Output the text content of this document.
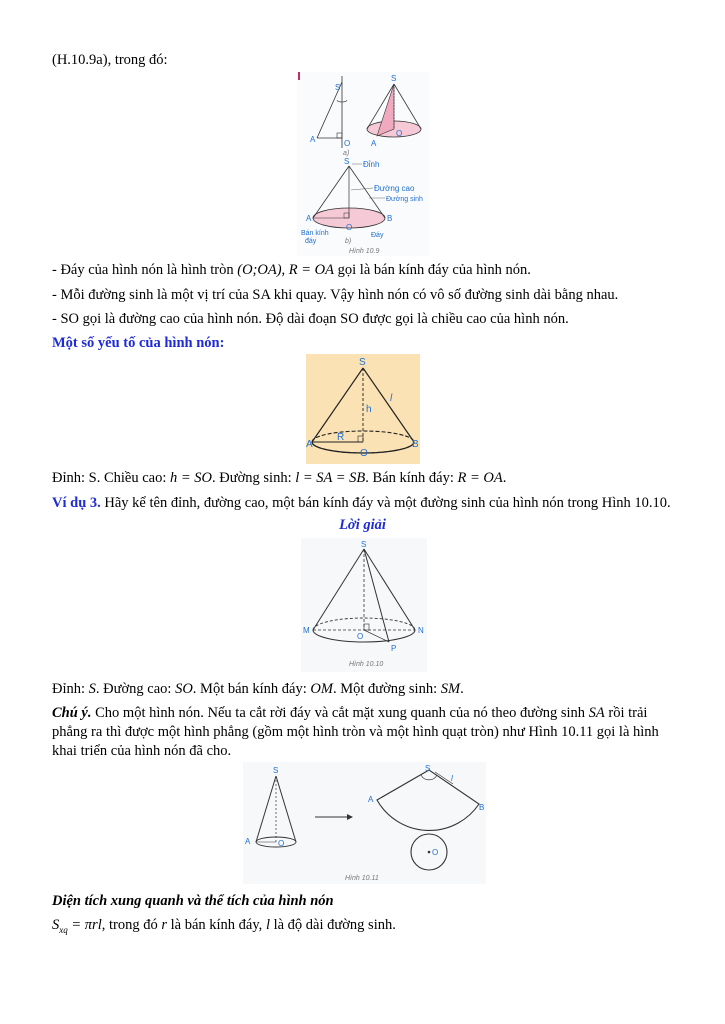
(H.10.9a), trong đó:
S
A	O
S
O
A
a)
S Đỉnh
Đường cao
Đường sinh
A	B
O
Bán kính
đáy
Đáy
b)
Hình 10.9
- Đáy của hình nón là hình tròn (O;OA), R = OA gọi là bán kính đáy của hình nón.
- Mỗi đường sinh là một vị trí của SA khi quay. Vậy hình nón có vô số đường sinh dài bằng nhau.
- SO gọi là đường cao của hình nón. Độ dài đoạn SO được gọi là chiều cao của hình nón.
Một số yếu tố của hình nón:
S
A	B
O
R
h
l
Đỉnh: S. Chiều cao: h = SO. Đường sinh: l = SA = SB. Bán kính đáy: R = OA.
Ví dụ 3. Hãy kể tên đỉnh, đường cao, một bán kính đáy và một đường sinh của hình nón trong Hình 10.10.
Lời giải
S
M	N
O
P
Hình 10.10
Đỉnh: S. Đường cao: SO. Một bán kính đáy: OM. Một đường sinh: SM.
Chú ý. Cho một hình nón. Nếu ta cắt rời đáy và cắt mặt xung quanh của nó theo đường sinh SA rồi trải
phẳng ra thì được một hình phẳng (gồm một hình tròn và một hình quạt tròn) như Hình 10.11 gọi là hình
khai triển của hình nón đã cho.
S
A	O
S
A
B
l
O
Hình 10.11
Diện tích xung quanh và thể tích của hình nón
$S_{xq} = \pi rl$, trong đó r là bán kính đáy, l là độ dài đường sinh.
